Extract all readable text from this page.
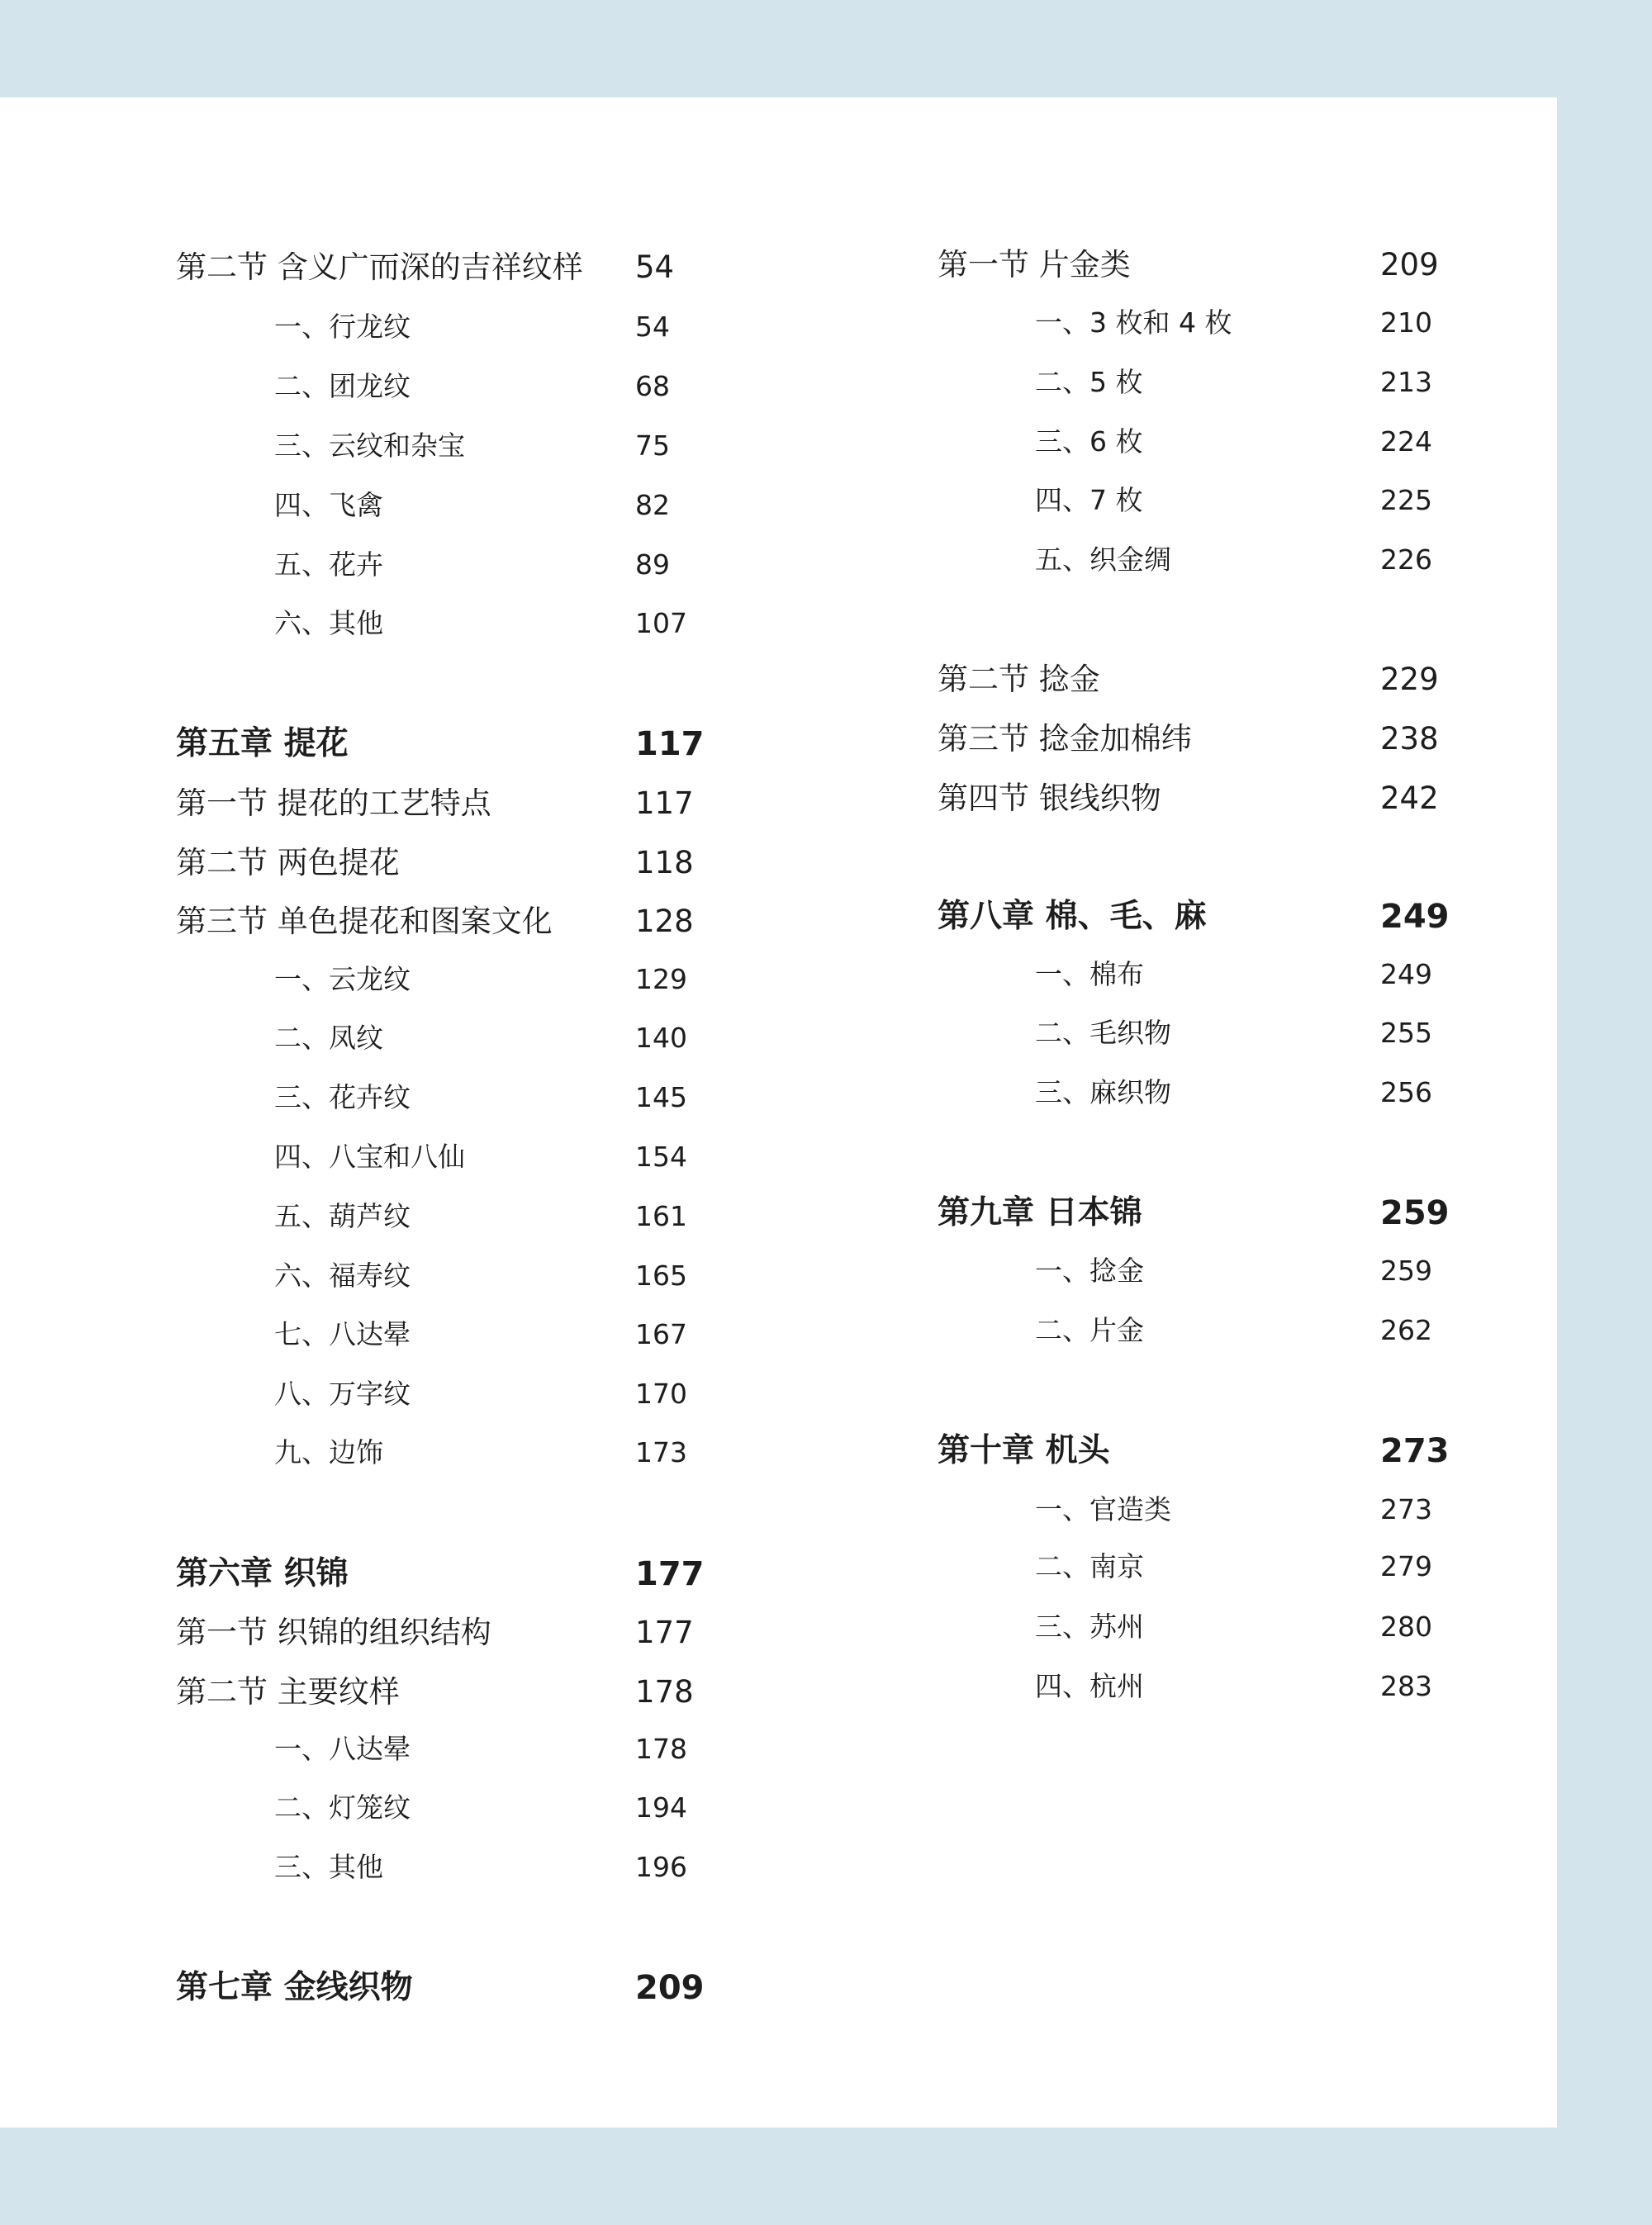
第二节 含义广而深的吉祥纹样 54
一、行龙纹	54
二、团龙纹	68
三、云纹和杂宝	75
四、飞禽	82
五、花卉	89
六、其他	107
第五章 提花	117
第一节 提花的工艺特点	117
第二节 两色提花	118
第三节 单色提花和图案文化	128
一、云龙纹	129
二、凤纹	140
三、花卉纹	145
四、八宝和八仙	154
五、葫芦纹	161
六、福寿纹	165
七、八达晕	167
八、万字纹	170
九、边饰	173
第六章 织锦	177
第一节 织锦的组织结构	177
第二节 主要纹样	178
一、八达晕	178
二、灯笼纹	194
三、其他	196
第七章 金线织物	209
第一节 片金类	209
一、3 枚和 4 枚	210
二、5 枚	213
三、6 枚	224
四、7 枚	225
五、织金绸	226
第二节 捻金	229
第三节 捻金加棉纬	238
第四节 银线织物	242
第八章 棉、毛、麻	249
一、棉布	249
二、毛织物	255
三、麻织物	256
第九章 日本锦	259
一、捻金	259
二、片金	262
第十章 机头	273
一、官造类	273
二、南京	279
三、苏州	280
四、杭州	283
